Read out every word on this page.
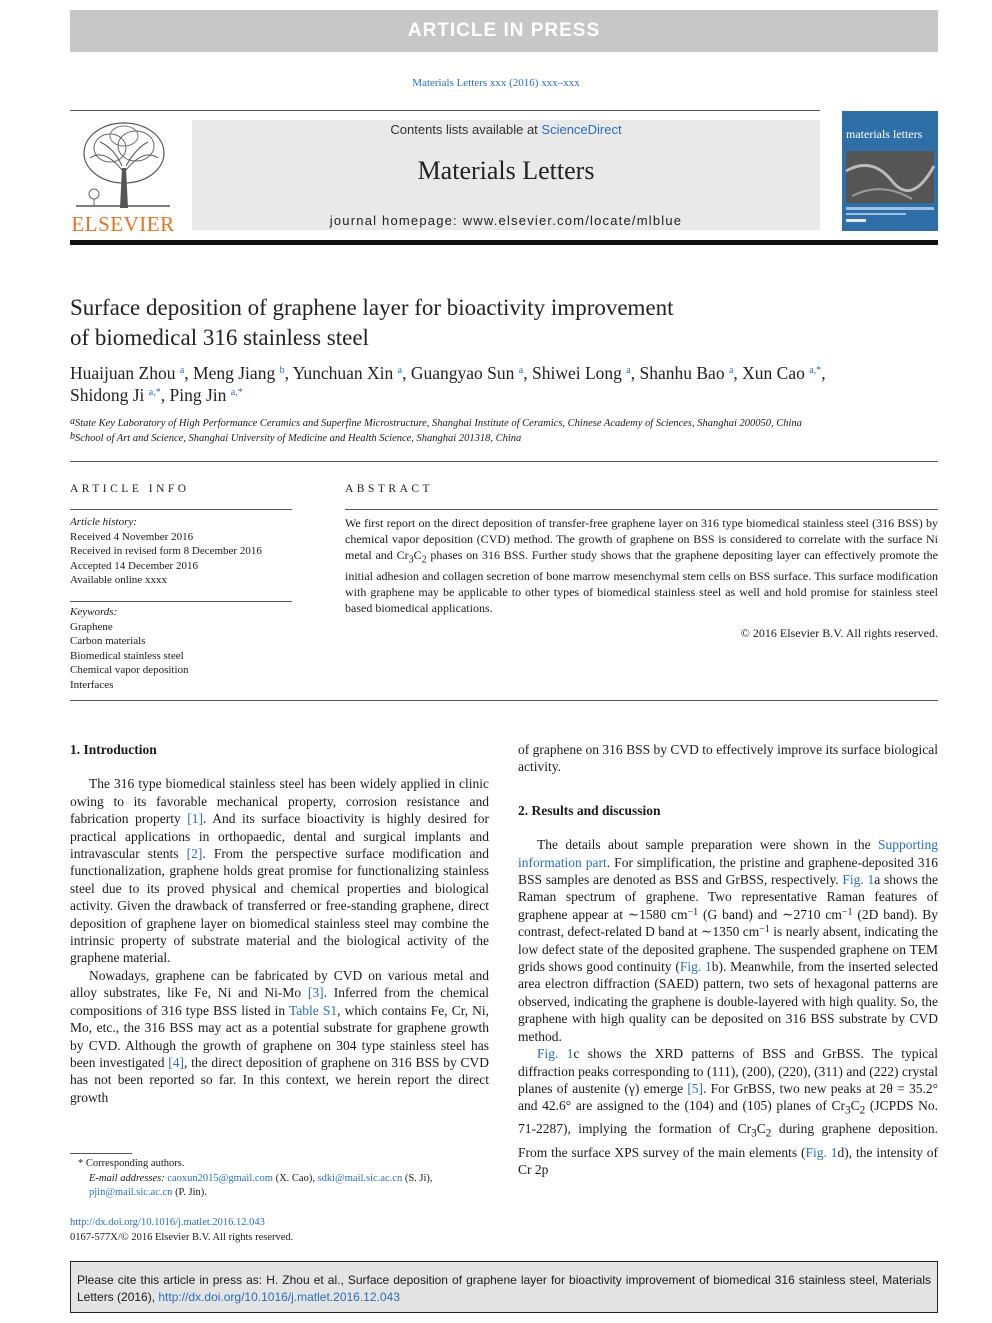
ARTICLE IN PRESS
Materials Letters xxx (2016) xxx–xxx
ELSEVIER
Contents lists available at ScienceDirect
Materials Letters
journal homepage: www.elsevier.com/locate/mlblue
materials letters
Surface deposition of graphene layer for bioactivity improvement
of biomedical 316 stainless steel
Huaijuan Zhou $^a$, Meng Jiang $^b$, Yunchuan Xin $^a$, Guangyao Sun $^a$, Shiwei Long $^a$, Shanhu Bao $^a$, Xun Cao $^{a,*}$,
Shidong Ji $^{a,*}$, Ping Jin $^{a,*}$
$^a$State Key Laboratory of High Performance Ceramics and Superfine Microstructure, Shanghai Institute of Ceramics, Chinese Academy of Sciences, Shanghai 200050, China
$^b$School of Art and Science, Shanghai University of Medicine and Health Science, Shanghai 201318, China
ARTICLE INFO
Article history:
Received 4 November 2016
Received in revised form 8 December 2016
Accepted 14 December 2016
Available online xxxx
Keywords:
Graphene
Carbon materials
Biomedical stainless steel
Chemical vapor deposition
Interfaces
ABSTRACT
We first report on the direct deposition of transfer-free graphene layer on 316 type biomedical stainless steel (316 BSS) by chemical vapor deposition (CVD) method. The growth of graphene on BSS is considered to correlate with the surface Ni metal and $Cr_3C_2$ phases on 316 BSS. Further study shows that the graphene depositing layer can effectively promote the initial adhesion and collagen secretion of bone marrow mesenchymal stem cells on BSS surface. This surface modification with graphene may be applicable to other types of biomedical stainless steel as well and hold promise for stainless steel based biomedical applications.
© 2016 Elsevier B.V. All rights reserved.
1. Introduction

The 316 type biomedical stainless steel has been widely applied in clinic owing to its favorable mechanical property, corrosion resistance and fabrication property [1]. And its surface bioactivity is highly desired for practical applications in orthopaedic, dental and surgical implants and intravascular stents [2]. From the perspective surface modification and functionalization, graphene holds great promise for functionalizing stainless steel due to its proved physical and chemical properties and biological activity. Given the drawback of transferred or free-standing graphene, direct deposition of graphene layer on biomedical stainless steel may combine the intrinsic property of substrate material and the biological activity of the graphene material.

Nowadays, graphene can be fabricated by CVD on various metal and alloy substrates, like Fe, Ni and Ni-Mo [3]. Inferred from the chemical compositions of 316 type BSS listed in Table S1, which contains Fe, Cr, Ni, Mo, etc., the 316 BSS may act as a potential substrate for graphene growth by CVD. Although the growth of graphene on 304 type stainless steel has been investigated [4], the direct deposition of graphene on 316 BSS by CVD has not been reported so far. In this context, we herein report the direct growth

of graphene on 316 BSS by CVD to effectively improve its surface biological activity.
2. Results and discussion

The details about sample preparation were shown in the Supporting information part. For simplification, the pristine and graphene-deposited 316 BSS samples are denoted as BSS and GrBSS, respectively. Fig. 1a shows the Raman spectrum of graphene. Two representative Raman features of graphene appear at ∼1580 $cm^{-1}$ (G band) and ∼2710 $cm^{-1}$ (2D band). By contrast, defect-related D band at ∼1350 $cm^{-1}$ is nearly absent, indicating the low defect state of the deposited graphene. The suspended graphene on TEM grids shows good continuity (Fig. 1b). Meanwhile, from the inserted selected area electron diffraction (SAED) pattern, two sets of hexagonal patterns are observed, indicating the graphene is double-layered with high quality. So, the graphene with high quality can be deposited on 316 BSS substrate by CVD method.

Fig. 1c shows the XRD patterns of BSS and GrBSS. The typical diffraction peaks corresponding to (111), (200), (220), (311) and (222) crystal planes of austenite (γ) emerge [5]. For GrBSS, two new peaks at 2θ = 35.2° and 42.6° are assigned to the (104) and (105) planes of $Cr_3C_2$ (JCPDS No. 71-2287), implying the formation of $Cr_3C_2$ during graphene deposition. From the surface XPS survey of the main elements (Fig. 1d), the intensity of Cr 2p

* Corresponding authors.
E-mail addresses: caoxun2015@gmail.com (X. Cao), sdki@mail.sic.ac.cn (S. Ji), pjin@mail.sic.ac.cn (P. Jin).
http://dx.doi.org/10.1016/j.matlet.2016.12.043
0167-577X/© 2016 Elsevier B.V. All rights reserved.
Please cite this article in press as: H. Zhou et al., Surface deposition of graphene layer for bioactivity improvement of biomedical 316 stainless steel, Materials Letters (2016), http://dx.doi.org/10.1016/j.matlet.2016.12.043
